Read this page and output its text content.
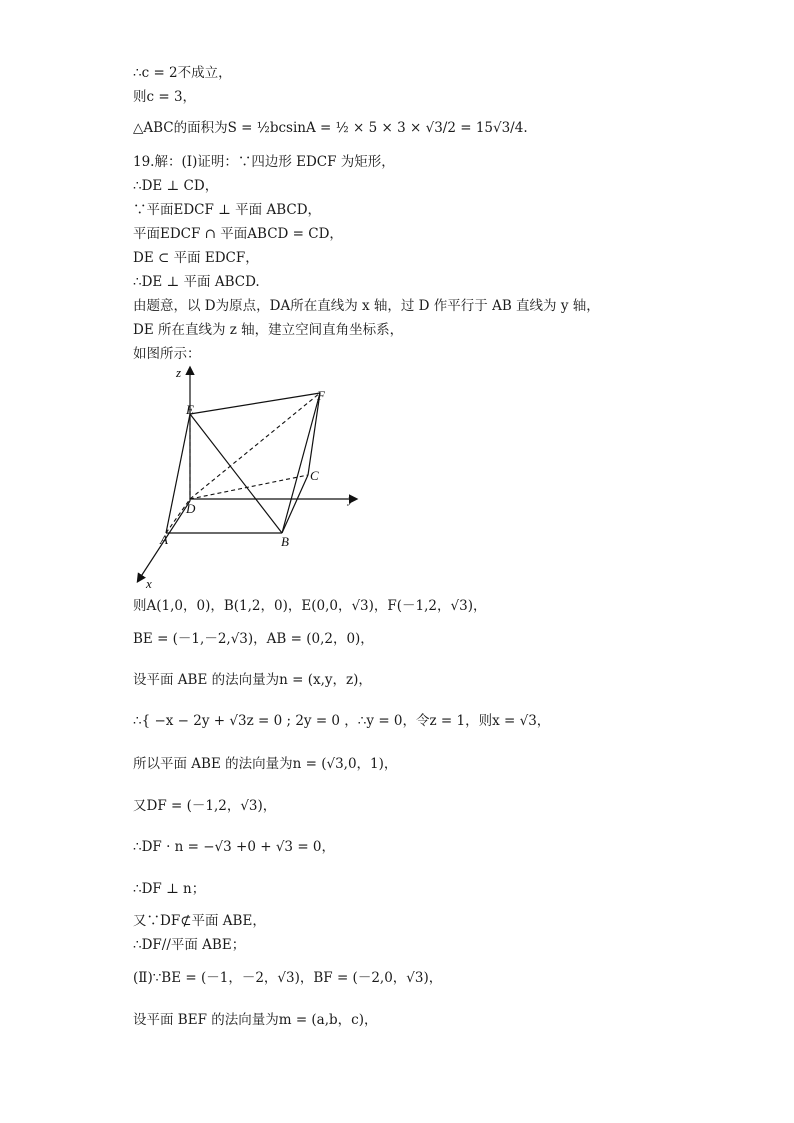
∴c = 2不成立，
则c = 3，
△ABC的面积为S = ½bcsinA = ½ × 5 × 3 × √3/2 = 15√3/4.
19.解：(Ⅰ)证明：∵四边形 EDCF 为矩形，
∴DE ⊥ CD，
∵平面EDCF ⊥ 平面 ABCD，
平面EDCF ∩ 平面ABCD = CD，
DE ⊂ 平面 EDCF，
∴DE ⊥ 平面 ABCD.
由题意，以 D为原点，DA所在直线为 x 轴，过 D 作平行于 AB 直线为 y 轴，
DE 所在直线为 z 轴，建立空间直角坐标系，
如图所示：
z
y
x
E
F
C
D
A	B
则A(1,0，0)，B(1,2，0)，E(0,0，√3)，F(－1,2，√3)，
BE = (－1,－2,√3)，AB = (0,2，0)，
设平面 ABE 的法向量为n = (x,y，z)，
∴{ −x − 2y + √3z = 0 ; 2y = 0 ，∴y = 0，令z = 1，则x = √3，
所以平面 ABE 的法向量为n = (√3,0，1)，
又DF = (－1,2，√3)，
∴DF · n = −√3 +0 + √3 = 0，
∴DF ⊥ n；
又∵DF⊄平面 ABE，
∴DF//平面 ABE；
(Ⅱ)∵BE = (－1，－2，√3)，BF = (－2,0，√3)，
设平面 BEF 的法向量为m = (a,b，c)，
